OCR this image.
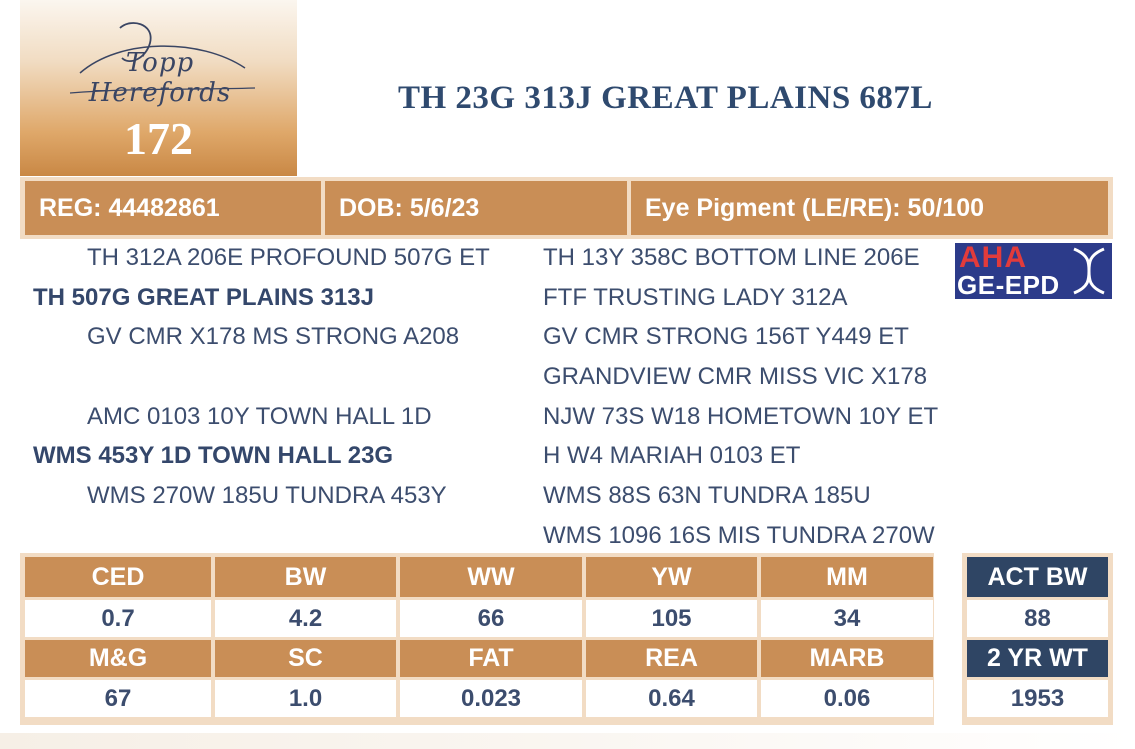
Topp Herefords
172
TH 23G 313J GREAT PLAINS 687L
REG: 44482861	DOB: 5/6/23	Eye Pigment (LE/RE): 50/100
TH 312A 206E PROFOUND 507G ET
TH 507G GREAT PLAINS 313J
GV CMR X178 MS STRONG A208
AMC 0103 10Y TOWN HALL 1D
WMS 453Y 1D TOWN HALL 23G
WMS 270W 185U TUNDRA 453Y
TH 13Y 358C BOTTOM LINE 206E
FTF TRUSTING LADY 312A
GV CMR STRONG 156T Y449 ET
GRANDVIEW CMR MISS VIC X178
NJW 73S W18 HOMETOWN 10Y ET
H W4 MARIAH 0103 ET
WMS 88S 63N TUNDRA 185U
WMS 1096 16S MIS TUNDRA 270W
AHA
GE-EPD
CED	BW	WW	YW	MM
0.7	4.2	66	105	34
M&G	SC	FAT	REA	MARB
67	1.0	0.023	0.64	0.06
ACT BW
88
2 YR WT
1953
